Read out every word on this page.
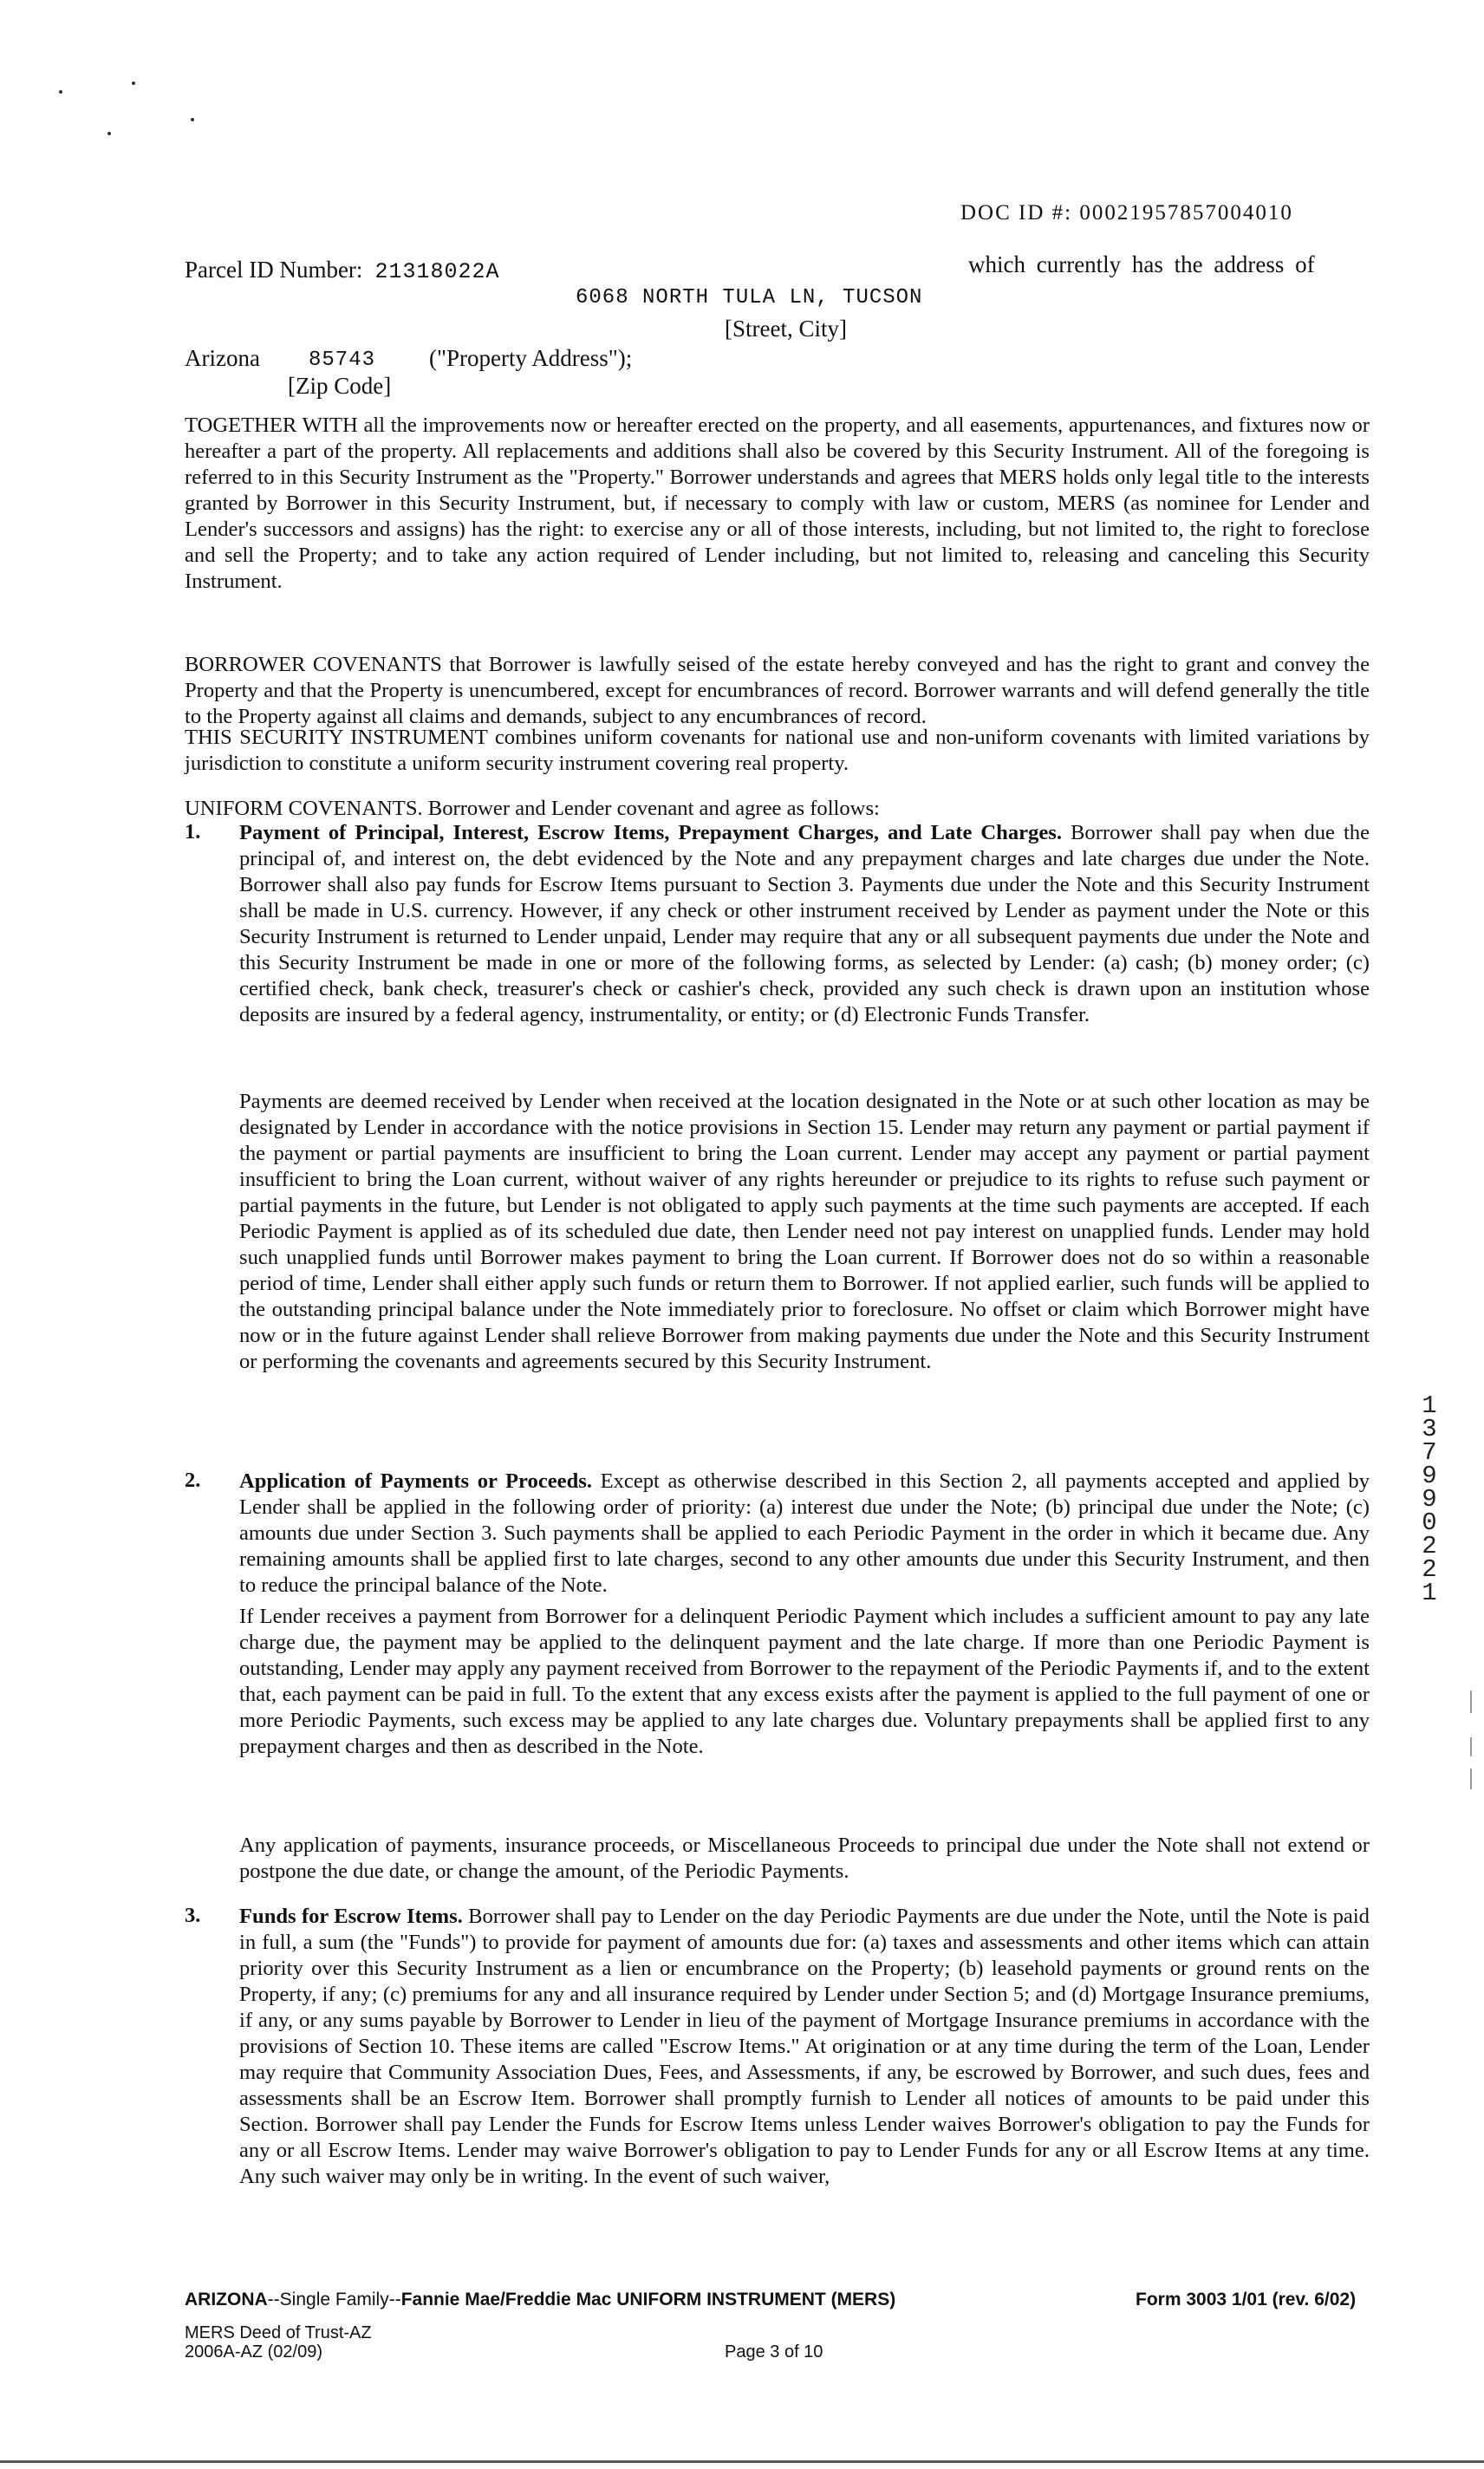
DOC ID #: 00021957857004010
Parcel ID Number: 21318022A	which currently has the address of
6068 NORTH TULA LN, TUCSON
[Street, City]
Arizona 85743 ("Property Address");
[Zip Code]

TOGETHER WITH all the improvements now or hereafter erected on the property, and all easements, appurtenances, and fixtures now or hereafter a part of the property. All replacements and additions shall also be covered by this Security Instrument. All of the foregoing is referred to in this Security Instrument as the "Property." Borrower understands and agrees that MERS holds only legal title to the interests granted by Borrower in this Security Instrument, but, if necessary to comply with law or custom, MERS (as nominee for Lender and Lender's successors and assigns) has the right: to exercise any or all of those interests, including, but not limited to, the right to foreclose and sell the Property; and to take any action required of Lender including, but not limited to, releasing and canceling this Security Instrument.

BORROWER COVENANTS that Borrower is lawfully seised of the estate hereby conveyed and has the right to grant and convey the Property and that the Property is unencumbered, except for encumbrances of record. Borrower warrants and will defend generally the title to the Property against all claims and demands, subject to any encumbrances of record.

THIS SECURITY INSTRUMENT combines uniform covenants for national use and non-uniform covenants with limited variations by jurisdiction to constitute a uniform security instrument covering real property.

UNIFORM COVENANTS. Borrower and Lender covenant and agree as follows:

1. Payment of Principal, Interest, Escrow Items, Prepayment Charges, and Late Charges. Borrower shall pay when due the principal of, and interest on, the debt evidenced by the Note and any prepayment charges and late charges due under the Note. Borrower shall also pay funds for Escrow Items pursuant to Section 3. Payments due under the Note and this Security Instrument shall be made in U.S. currency. However, if any check or other instrument received by Lender as payment under the Note or this Security Instrument is returned to Lender unpaid, Lender may require that any or all subsequent payments due under the Note and this Security Instrument be made in one or more of the following forms, as selected by Lender: (a) cash; (b) money order; (c) certified check, bank check, treasurer's check or cashier's check, provided any such check is drawn upon an institution whose deposits are insured by a federal agency, instrumentality, or entity; or (d) Electronic Funds Transfer.

Payments are deemed received by Lender when received at the location designated in the Note or at such other location as may be designated by Lender in accordance with the notice provisions in Section 15. Lender may return any payment or partial payment if the payment or partial payments are insufficient to bring the Loan current. Lender may accept any payment or partial payment insufficient to bring the Loan current, without waiver of any rights hereunder or prejudice to its rights to refuse such payment or partial payments in the future, but Lender is not obligated to apply such payments at the time such payments are accepted. If each Periodic Payment is applied as of its scheduled due date, then Lender need not pay interest on unapplied funds. Lender may hold such unapplied funds until Borrower makes payment to bring the Loan current. If Borrower does not do so within a reasonable period of time, Lender shall either apply such funds or return them to Borrower. If not applied earlier, such funds will be applied to the outstanding principal balance under the Note immediately prior to foreclosure. No offset or claim which Borrower might have now or in the future against Lender shall relieve Borrower from making payments due under the Note and this Security Instrument or performing the covenants and agreements secured by this Security Instrument.

2. Application of Payments or Proceeds. Except as otherwise described in this Section 2, all payments accepted and applied by Lender shall be applied in the following order of priority: (a) interest due under the Note; (b) principal due under the Note; (c) amounts due under Section 3. Such payments shall be applied to each Periodic Payment in the order in which it became due. Any remaining amounts shall be applied first to late charges, second to any other amounts due under this Security Instrument, and then to reduce the principal balance of the Note.

If Lender receives a payment from Borrower for a delinquent Periodic Payment which includes a sufficient amount to pay any late charge due, the payment may be applied to the delinquent payment and the late charge. If more than one Periodic Payment is outstanding, Lender may apply any payment received from Borrower to the repayment of the Periodic Payments if, and to the extent that, each payment can be paid in full. To the extent that any excess exists after the payment is applied to the full payment of one or more Periodic Payments, such excess may be applied to any late charges due. Voluntary prepayments shall be applied first to any prepayment charges and then as described in the Note.

Any application of payments, insurance proceeds, or Miscellaneous Proceeds to principal due under the Note shall not extend or postpone the due date, or change the amount, of the Periodic Payments.

3. Funds for Escrow Items. Borrower shall pay to Lender on the day Periodic Payments are due under the Note, until the Note is paid in full, a sum (the "Funds") to provide for payment of amounts due for: (a) taxes and assessments and other items which can attain priority over this Security Instrument as a lien or encumbrance on the Property; (b) leasehold payments or ground rents on the Property, if any; (c) premiums for any and all insurance required by Lender under Section 5; and (d) Mortgage Insurance premiums, if any, or any sums payable by Borrower to Lender in lieu of the payment of Mortgage Insurance premiums in accordance with the provisions of Section 10. These items are called "Escrow Items." At origination or at any time during the term of the Loan, Lender may require that Community Association Dues, Fees, and Assessments, if any, be escrowed by Borrower, and such dues, fees and assessments shall be an Escrow Item. Borrower shall promptly furnish to Lender all notices of amounts to be paid under this Section. Borrower shall pay Lender the Funds for Escrow Items unless Lender waives Borrower's obligation to pay the Funds for any or all Escrow Items. Lender may waive Borrower's obligation to pay to Lender Funds for any or all Escrow Items at any time. Any such waiver may only be in writing. In the event of such waiver,

13799 0221
ARIZONA--Single Family--Fannie Mae/Freddie Mac UNIFORM INSTRUMENT (MERS)	Form 3003 1/01 (rev. 6/02)
MERS Deed of Trust-AZ
2006A-AZ (02/09)	Page 3 of 10
